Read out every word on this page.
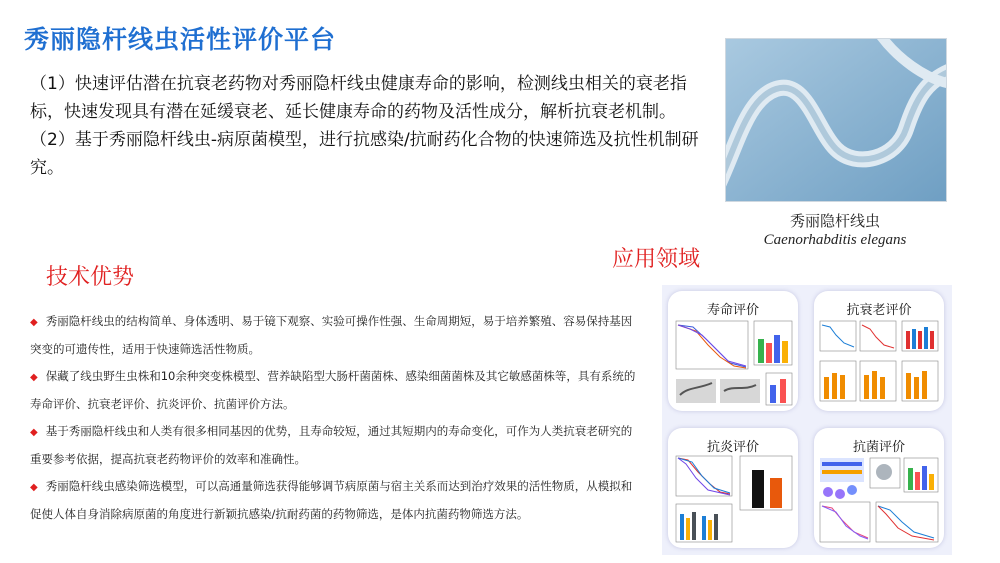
秀丽隐杆线虫活性评价平台

（1）快速评估潜在抗衰老药物对秀丽隐杆线虫健康寿命的影响，检测线虫相关的衰老指标，快速发现具有潜在延缓衰老、延长健康寿命的药物及活性成分，解析抗衰老机制。

（2）基于秀丽隐杆线虫-病原菌模型，进行抗感染/抗耐药化合物的快速筛选及抗性机制研究。

秀丽隐杆线虫
Caenorhabditis elegans
技术优势
应用领域
◆ 秀丽隐杆线虫的结构简单、身体透明、易于镜下观察、实验可操作性强、生命周期短，易于培养繁殖、容易保持基因突变的可遗传性，适用于快速筛选活性物质。
◆ 保藏了线虫野生虫株和10余种突变株模型、营养缺陷型大肠杆菌菌株、感染细菌菌株及其它敏感菌株等，具有系统的寿命评价、抗衰老评价、抗炎评价、抗菌评价方法。
◆ 基于秀丽隐杆线虫和人类有很多相同基因的优势，且寿命较短，通过其短期内的寿命变化，可作为人类抗衰老研究的重要参考依据，提高抗衰老药物评价的效率和准确性。
◆ 秀丽隐杆线虫感染筛选模型，可以高通量筛选获得能够调节病原菌与宿主关系而达到治疗效果的活性物质，从模拟和促使人体自身消除病原菌的角度进行新颖抗感染/抗耐药菌的药物筛选，是体内抗菌药物筛选方法。
寿命评价	抗衰老评价
抗炎评价	抗菌评价
